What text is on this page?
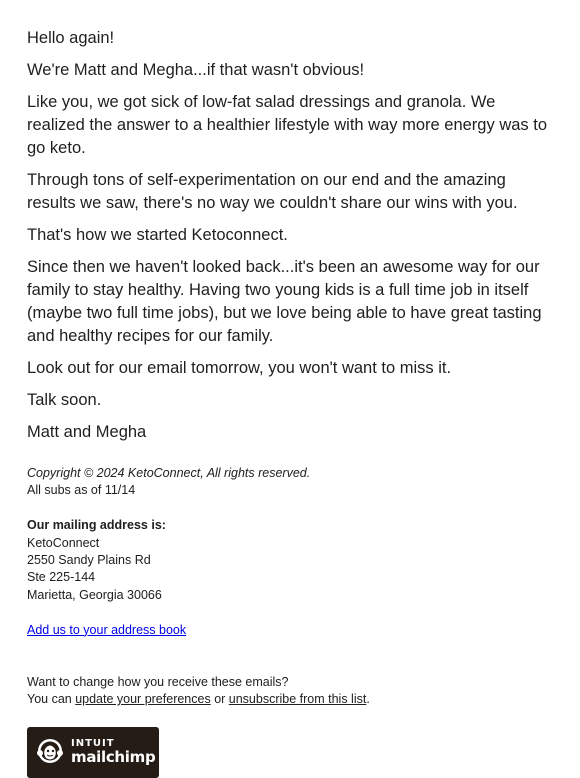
Hello again!

We're Matt and Megha...if that wasn't obvious!

Like you, we got sick of low-fat salad dressings and granola. We realized the answer to a healthier lifestyle with way more energy was to go keto.

Through tons of self-experimentation on our end and the amazing results we saw, there's no way we couldn't share our wins with you.

That's how we started Ketoconnect.

Since then we haven't looked back...it's been an awesome way for our family to stay healthy. Having two young kids is a full time job in itself (maybe two full time jobs), but we love being able to have great tasting and healthy recipes for our family.

Look out for our email tomorrow, you won't want to miss it.

Talk soon.

Matt and Megha

Copyright © 2024 KetoConnect, All rights reserved.
All subs as of 11/14
Our mailing address is:
KetoConnect
2550 Sandy Plains Rd
Ste 225-144
Marietta, Georgia 30066
Add us to your address book
Want to change how you receive these emails?
You can update your preferences or unsubscribe from this list.
INTUIT
mailchimp
